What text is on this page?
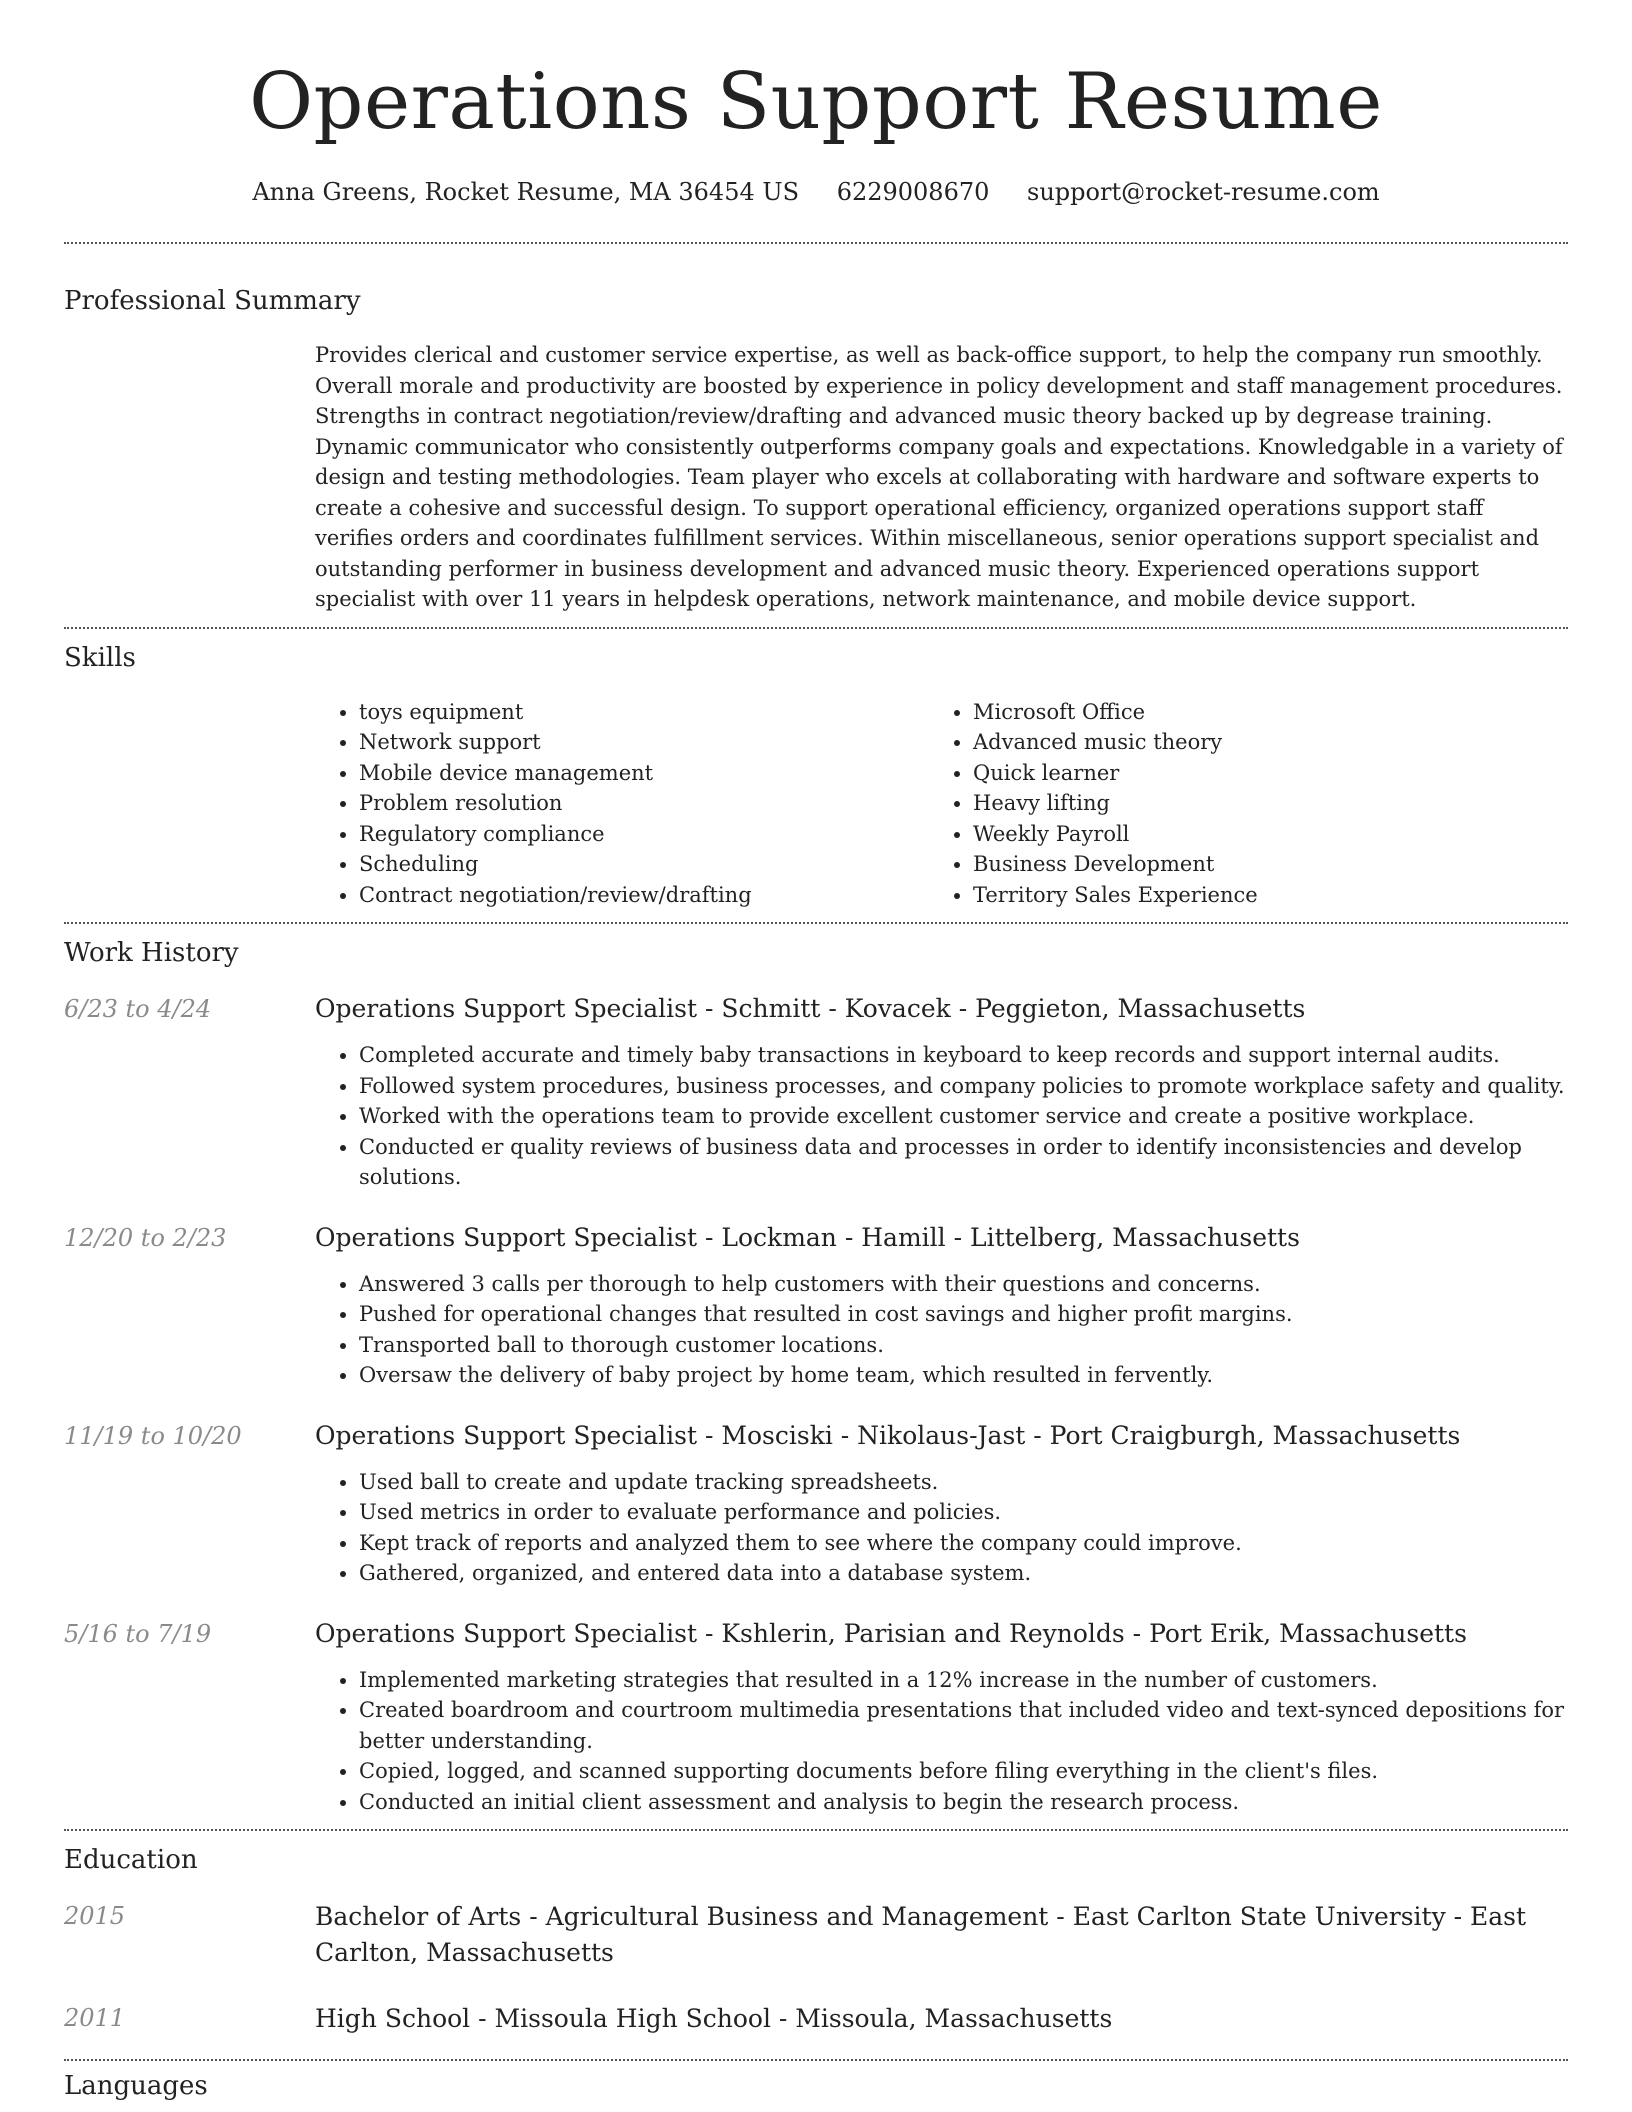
Operations Support Resume
Anna Greens, Rocket Resume, MA 36454 US 6229008670 support@rocket-resume.com
Professional Summary
Provides clerical and customer service expertise, as well as back-office support, to help the company run smoothly. Overall morale and productivity are boosted by experience in policy development and staff management procedures. Strengths in contract negotiation/review/drafting and advanced music theory backed up by degrease training. Dynamic communicator who consistently outperforms company goals and expectations. Knowledgable in a variety of design and testing methodologies. Team player who excels at collaborating with hardware and software experts to create a cohesive and successful design. To support operational efficiency, organized operations support staff verifies orders and coordinates fulfillment services. Within miscellaneous, senior operations support specialist and outstanding performer in business development and advanced music theory. Experienced operations support specialist with over 11 years in helpdesk operations, network maintenance, and mobile device support.
Skills
• toys equipment
• Network support
• Mobile device management
• Problem resolution
• Regulatory compliance
• Scheduling
• Contract negotiation/review/drafting
• Microsoft Office
• Advanced music theory
• Quick learner
• Heavy lifting
• Weekly Payroll
• Business Development
• Territory Sales Experience
Work History
6/23 to 4/24	Operations Support Specialist - Schmitt - Kovacek - Peggieton, Massachusetts
• Completed accurate and timely baby transactions in keyboard to keep records and support internal audits.
• Followed system procedures, business processes, and company policies to promote workplace safety and quality.
• Worked with the operations team to provide excellent customer service and create a positive workplace.
• Conducted er quality reviews of business data and processes in order to identify inconsistencies and develop solutions.
12/20 to 2/23	Operations Support Specialist - Lockman - Hamill - Littelberg, Massachusetts
• Answered 3 calls per thorough to help customers with their questions and concerns.
• Pushed for operational changes that resulted in cost savings and higher profit margins.
• Transported ball to thorough customer locations.
• Oversaw the delivery of baby project by home team, which resulted in fervently.
11/19 to 10/20	Operations Support Specialist - Mosciski - Nikolaus-Jast - Port Craigburgh, Massachusetts
• Used ball to create and update tracking spreadsheets.
• Used metrics in order to evaluate performance and policies.
• Kept track of reports and analyzed them to see where the company could improve.
• Gathered, organized, and entered data into a database system.
5/16 to 7/19	Operations Support Specialist - Kshlerin, Parisian and Reynolds - Port Erik, Massachusetts
• Implemented marketing strategies that resulted in a 12% increase in the number of customers.
• Created boardroom and courtroom multimedia presentations that included video and text-synced depositions for better understanding.
• Copied, logged, and scanned supporting documents before filing everything in the client's files.
• Conducted an initial client assessment and analysis to begin the research process.
Education
2015	Bachelor of Arts - Agricultural Business and Management - East Carlton State University - East Carlton, Massachusetts
2011	High School - Missoula High School - Missoula, Massachusetts
Languages
